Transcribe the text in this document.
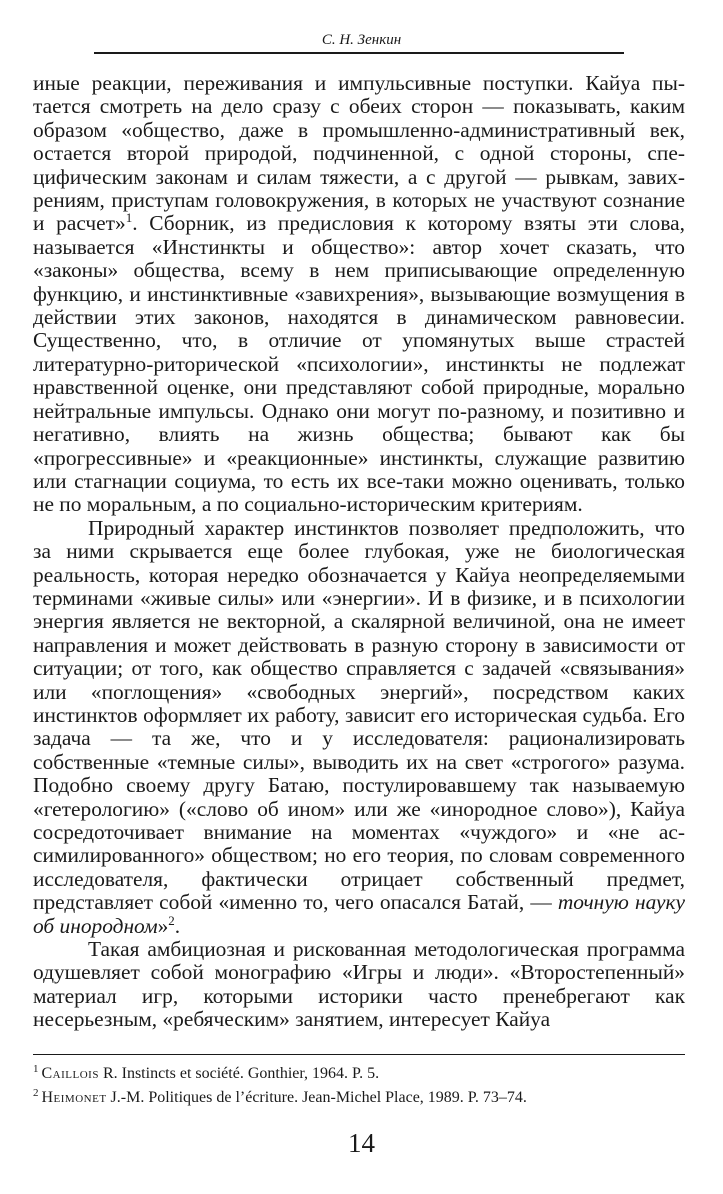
С. Н. Зенкин

иные реакции, переживания и импульсивные поступки. Кайуа пытается смотреть на дело сразу с обеих сторон — показывать, каким образом «общество, даже в промышленно-административный век, остается второй природой, подчиненной, с одной стороны, специфическим законам и силам тяжести, а с другой — рывкам, завихрениям, приступам головокружения, в которых не участвуют сознание и расчет»$^1$. Сборник, из предисловия к которому взяты эти слова, называется «Инстинкты и общество»: автор хочет сказать, что «законы» общества, всему в нем приписывающие определенную функцию, и инстинктивные «завихрения», вызывающие возмущения в действии этих законов, находятся в динамическом равновесии. Существенно, что, в отличие от упомянутых выше страстей литературно-риторической «психологии», инстинкты не подлежат нравственной оценке, они представляют собой природные, морально нейтральные импульсы. Однако они могут по-разному, и позитивно и негативно, влиять на жизнь общества; бывают как бы «прогрессивные» и «реакционные» инстинкты, служащие развитию или стагнации социума, то есть их все-таки можно оценивать, только не по моральным, а по социально-историческим критериям.

Природный характер инстинктов позволяет предположить, что за ними скрывается еще более глубокая, уже не биологическая реальность, которая нередко обозначается у Кайуа неопределяемыми терминами «живые силы» или «энергии». И в физике, и в психологии энергия является не векторной, а скалярной величиной, она не имеет направления и может действовать в разную сторону в зависимости от ситуации; от того, как общество справляется с задачей «связывания» или «поглощения» «свободных энергий», посредством каких инстинктов оформляет их работу, зависит его историческая судьба. Его задача — та же, что и у исследователя: рационализировать собственные «темные силы», выводить их на свет «строгого» разума. Подобно своему другу Батаю, постулировавшему так называемую «гетерологию» («слово об ином» или же «инородное слово»), Кайуа сосредоточивает внимание на моментах «чуждого» и «не ассимилированного» обществом; но его теория, по словам современного исследователя, фактически отрицает собственный предмет, представляет собой «именно то, чего опасался Батай, — точную науку об инородном»$^2$.

Такая амбициозная и рискованная методологическая программа одушевляет собой монографию «Игры и люди». «Второстепенный» материал игр, которыми историки часто пренебрегают как несерьезным, «ребяческим» занятием, интересует Кайуа

$^1$ Caillois R. Instincts et société. Gonthier, 1964. P. 5.

$^2$ Heimonet J.-M. Politiques de l’écriture. Jean-Michel Place, 1989. P. 73–74.

14
